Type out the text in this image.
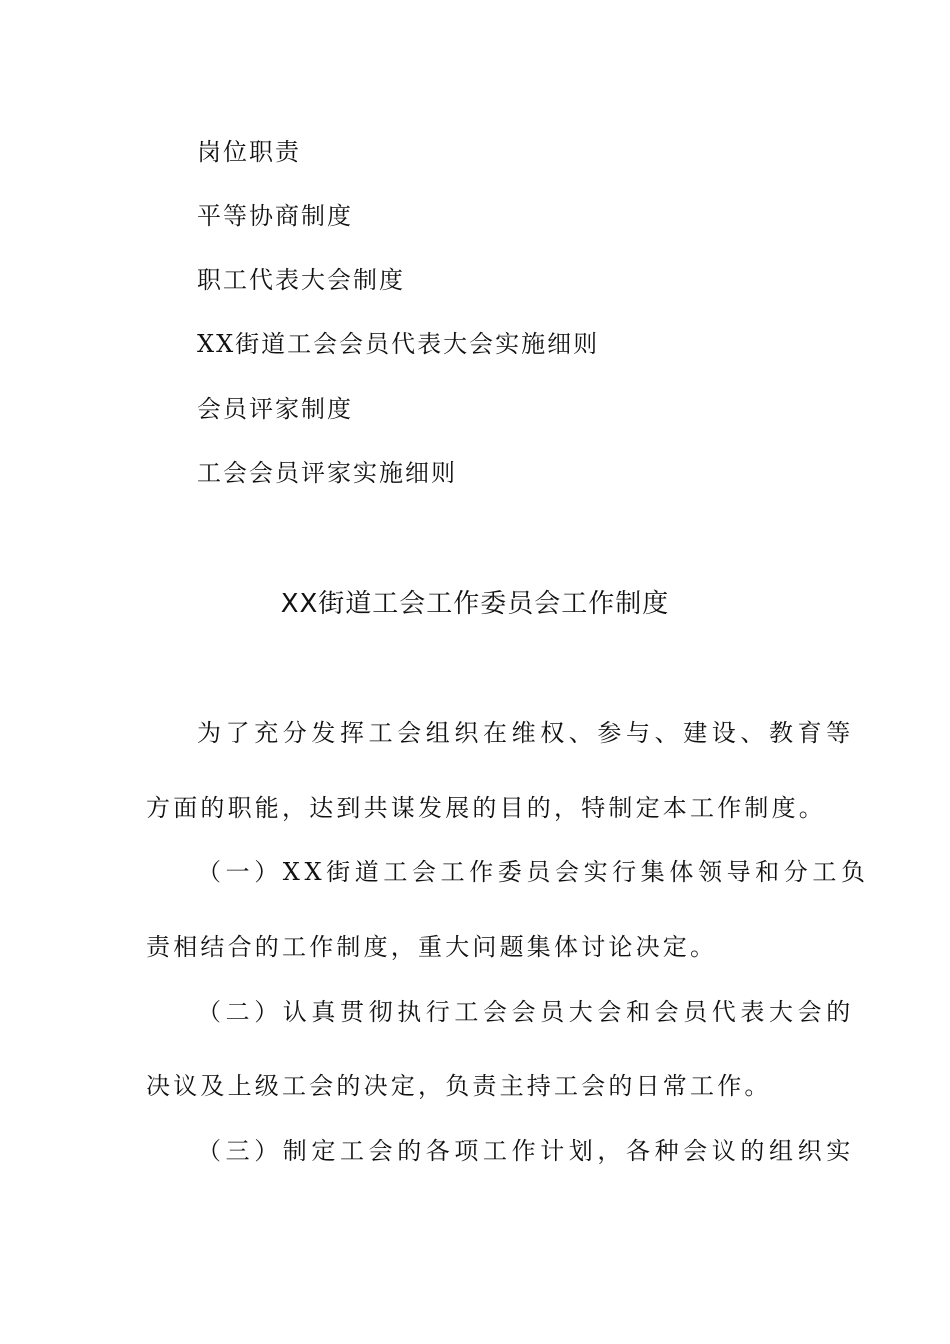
岗位职责
平等协商制度
职工代表大会制度
XX街道工会会员代表大会实施细则
会员评家制度
工会会员评家实施细则
XX街道工会工作委员会工作制度
为了充分发挥工会组织在维权、参与、建设、教育等
方面的职能，达到共谋发展的目的，特制定本工作制度。
（一）XX街道工会工作委员会实行集体领导和分工负
责相结合的工作制度，重大问题集体讨论决定。
（二）认真贯彻执行工会会员大会和会员代表大会的
决议及上级工会的决定，负责主持工会的日常工作。
（三）制定工会的各项工作计划，各种会议的组织实
